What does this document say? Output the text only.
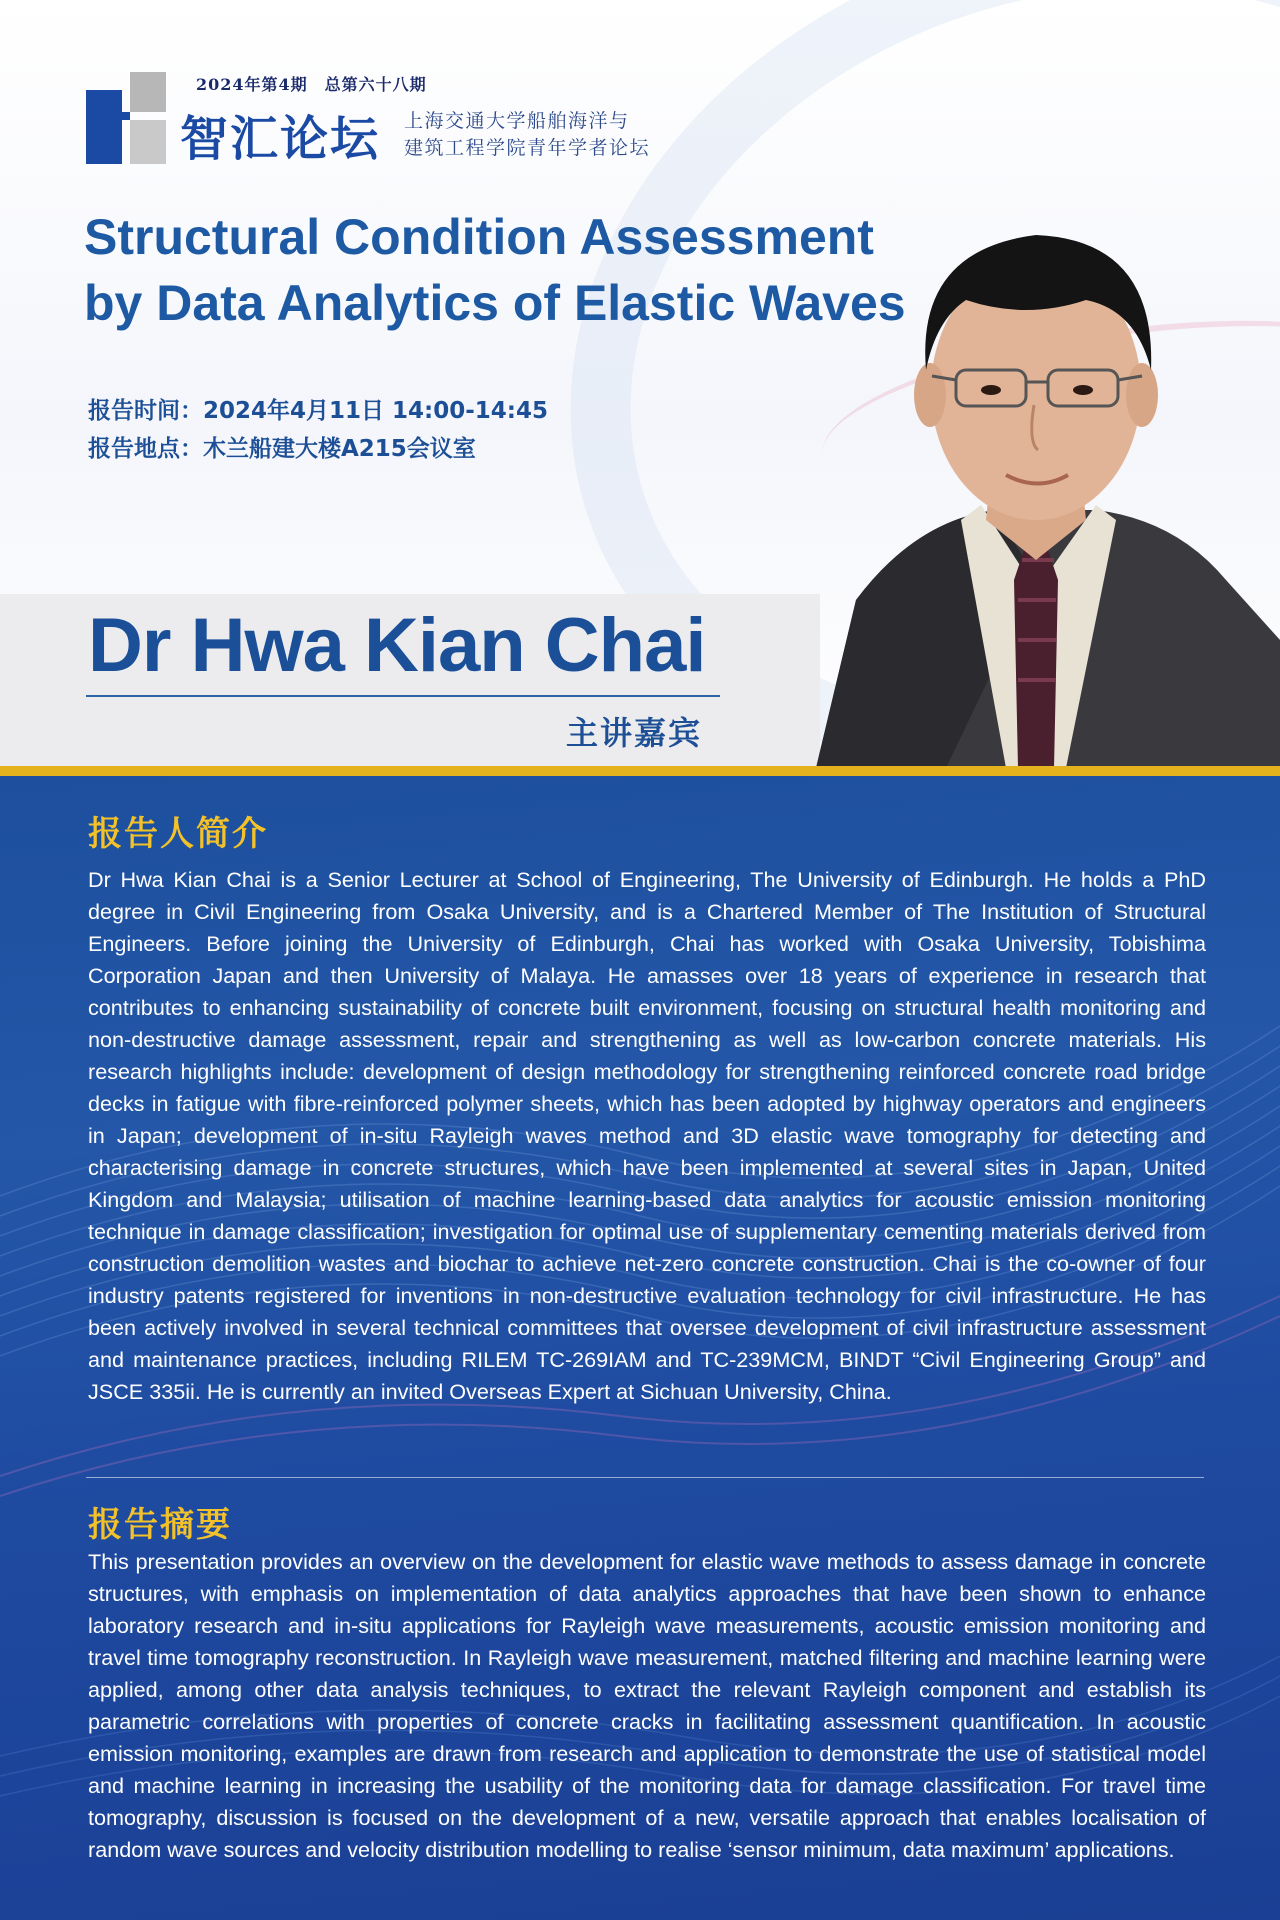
2024年第4期　总第六十八期
智汇论坛 上海交通大学船舶海洋与
建筑工程学院青年学者论坛
Structural Condition Assessment
by Data Analytics of Elastic Waves
报告时间：2024年4月11日 14:00-14:45
报告地点：木兰船建大楼A215会议室
Dr Hwa Kian Chai
主讲嘉宾
报告人简介
Dr Hwa Kian Chai is a Senior Lecturer at School of Engineering, The University of Edinburgh. He holds a PhD degree in Civil Engineering from Osaka University, and is a Chartered Member of The Institution of Structural Engineers. Before joining the University of Edinburgh, Chai has worked with Osaka University, Tobishima Corporation Japan and then University of Malaya. He amasses over 18 years of experience in research that contributes to enhancing sustainability of concrete built environment, focusing on structural health monitoring and non-destructive damage assessment, repair and strengthening as well as low-carbon concrete materials. His research highlights include: development of design methodology for strengthening reinforced concrete road bridge decks in fatigue with fibre-reinforced polymer sheets, which has been adopted by highway operators and engineers in Japan; development of in-situ Rayleigh waves method and 3D elastic wave tomography for detecting and characterising damage in concrete structures, which have been implemented at several sites in Japan, United Kingdom and Malaysia; utilisation of machine learning-based data analytics for acoustic emission monitoring technique in damage classification; investigation for optimal use of supplementary cementing materials derived from construction demolition wastes and biochar to achieve net-zero concrete construction. Chai is the co-owner of four industry patents registered for inventions in non-destructive evaluation technology for civil infrastructure. He has been actively involved in several technical committees that oversee development of civil infrastructure assessment and maintenance practices, including RILEM TC-269IAM and TC-239MCM, BINDT “Civil Engineering Group” and JSCE 335ii. He is currently an invited Overseas Expert at Sichuan University, China.
报告摘要
This presentation provides an overview on the development for elastic wave methods to assess damage in concrete structures, with emphasis on implementation of data analytics approaches that have been shown to enhance laboratory research and in-situ applications for Rayleigh wave measurements, acoustic emission monitoring and travel time tomography reconstruction. In Rayleigh wave measurement, matched filtering and machine learning were applied, among other data analysis techniques, to extract the relevant Rayleigh component and establish its parametric correlations with properties of concrete cracks in facilitating assessment quantification. In acoustic emission monitoring, examples are drawn from research and application to demonstrate the use of statistical model and machine learning in increasing the usability of the monitoring data for damage classification. For travel time tomography, discussion is focused on the development of a new, versatile approach that enables localisation of random wave sources and velocity distribution modelling to realise ‘sensor minimum, data maximum’ applications.
